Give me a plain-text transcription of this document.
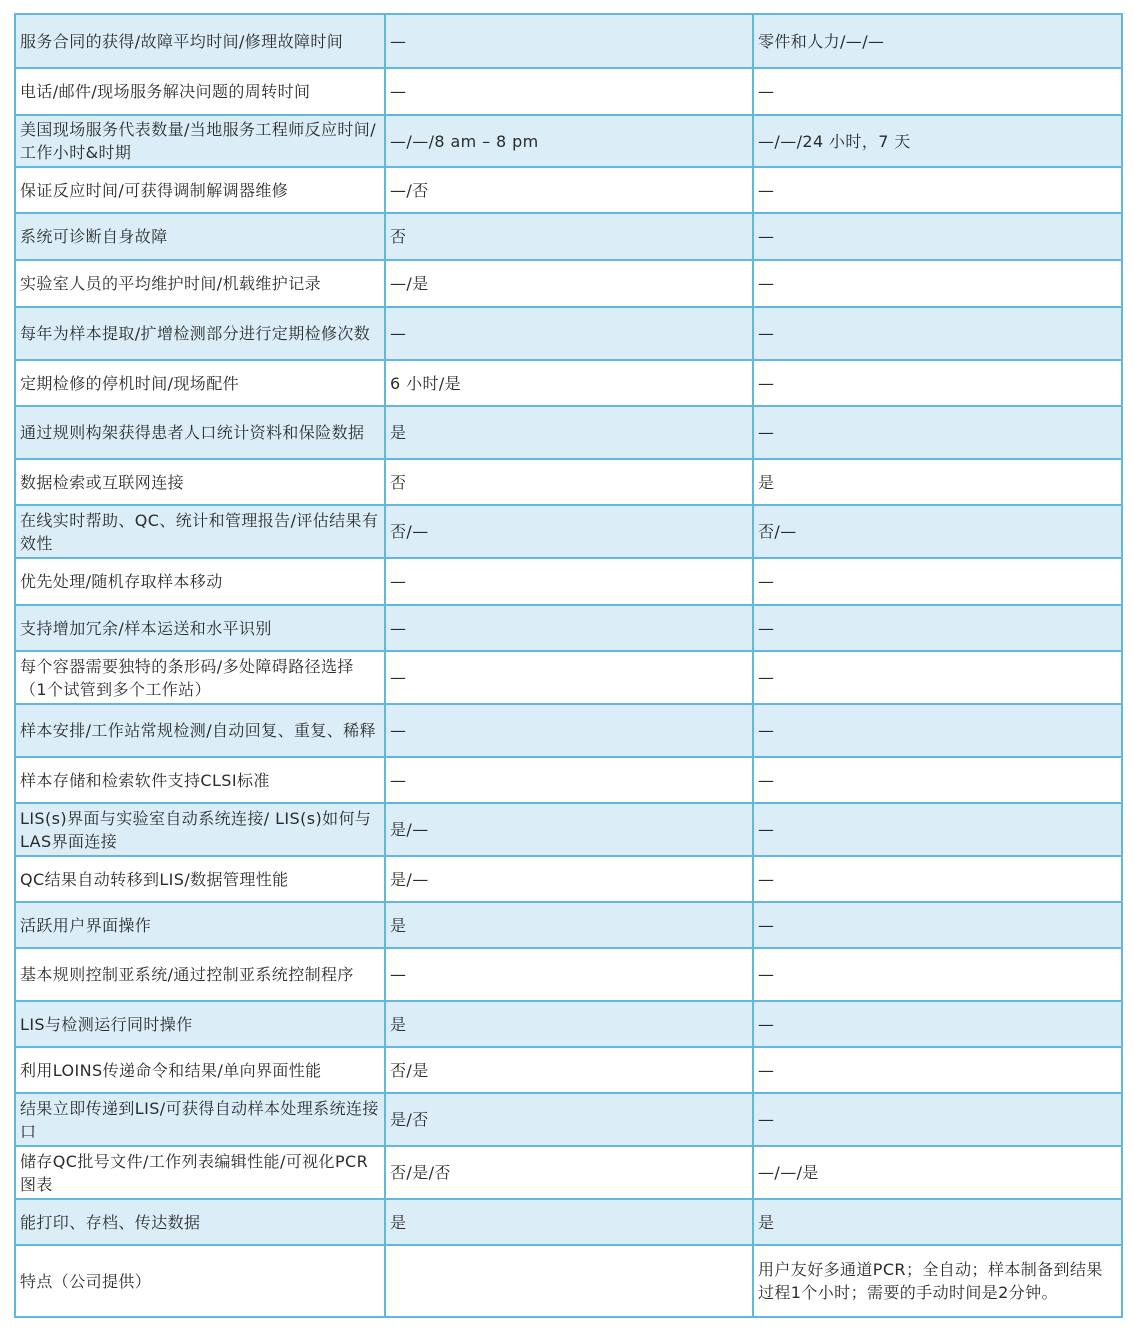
服务合同的获得/故障平均时间/修理故障时间	—	零件和人力/—/—
电话/邮件/现场服务解决问题的周转时间	—	—
美国现场服务代表数量/当地服务工程师反应时间/工作小时&时期	—/—/8 am – 8 pm	—/—/24 小时，7 天
保证反应时间/可获得调制解调器维修	—/否	—
系统可诊断自身故障	否	—
实验室人员的平均维护时间/机载维护记录	—/是	—
每年为样本提取/扩增检测部分进行定期检修次数	—	—
定期检修的停机时间/现场配件	6 小时/是	—
通过规则构架获得患者人口统计资料和保险数据	是	—
数据检索或互联网连接	否	是
在线实时帮助、QC、统计和管理报告/评估结果有效性	否/—	否/—
优先处理/随机存取样本移动	—	—
支持增加冗余/样本运送和水平识别	—	—
每个容器需要独特的条形码/多处障碍路径选择（1个试管到多个工作站）	—	—
样本安排/工作站常规检测/自动回复、重复、稀释	—	—
样本存储和检索软件支持CLSI标准	—	—
LIS(s)界面与实验室自动系统连接/ LIS(s)如何与LAS界面连接	是/—	—
QC结果自动转移到LIS/数据管理性能	是/—	—
活跃用户界面操作	是	—
基本规则控制亚系统/通过控制亚系统控制程序	—	—
LIS与检测运行同时操作	是	—
利用LOINS传递命令和结果/单向界面性能	否/是	—
结果立即传递到LIS/可获得自动样本处理系统连接口	是/否	—
储存QC批号文件/工作列表编辑性能/可视化PCR图表	否/是/否	—/—/是
能打印、存档、传达数据	是	是
特点（公司提供）		用户友好多通道PCR；全自动；样本制备到结果过程1个小时；需要的手动时间是2分钟。
